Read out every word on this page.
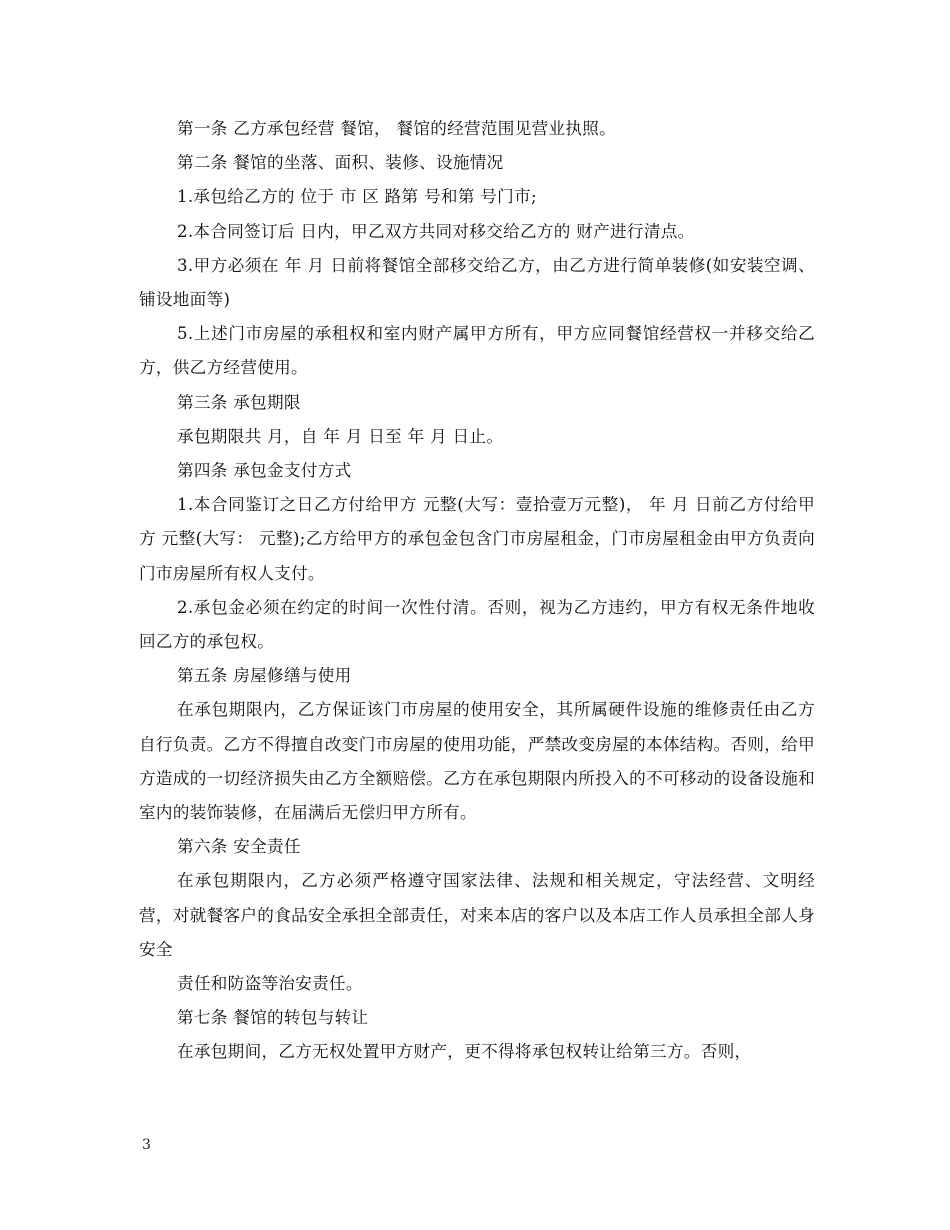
第一条 乙方承包经营 餐馆， 餐馆的经营范围见营业执照。

第二条 餐馆的坐落、面积、装修、设施情况

1.承包给乙方的 位于 市 区 路第 号和第 号门市;

2.本合同签订后 日内，甲乙双方共同对移交给乙方的 财产进行清点。

3.甲方必须在 年 月 日前将餐馆全部移交给乙方，由乙方进行简单装修(如安装空调、铺设地面等)

5.上述门市房屋的承租权和室内财产属甲方所有，甲方应同餐馆经营权一并移交给乙方，供乙方经营使用。

第三条 承包期限

承包期限共 月，自 年 月 日至 年 月 日止。

第四条 承包金支付方式

1.本合同鉴订之日乙方付给甲方 元整(大写：壹拾壹万元整)， 年 月 日前乙方付给甲方 元整(大写： 元整);乙方给甲方的承包金包含门市房屋租金，门市房屋租金由甲方负责向门市房屋所有权人支付。

2.承包金必须在约定的时间一次性付清。否则，视为乙方违约，甲方有权无条件地收回乙方的承包权。

第五条 房屋修缮与使用

在承包期限内，乙方保证该门市房屋的使用安全，其所属硬件设施的维修责任由乙方自行负责。乙方不得擅自改变门市房屋的使用功能，严禁改变房屋的本体结构。否则，给甲方造成的一切经济损失由乙方全额赔偿。乙方在承包期限内所投入的不可移动的设备设施和室内的装饰装修，在届满后无偿归甲方所有。

第六条 安全责任

在承包期限内，乙方必须严格遵守国家法律、法规和相关规定，守法经营、文明经营，对就餐客户的食品安全承担全部责任，对来本店的客户以及本店工作人员承担全部人身安全

责任和防盗等治安责任。

第七条 餐馆的转包与转让

在承包期间，乙方无权处置甲方财产，更不得将承包权转让给第三方。否则，

3
